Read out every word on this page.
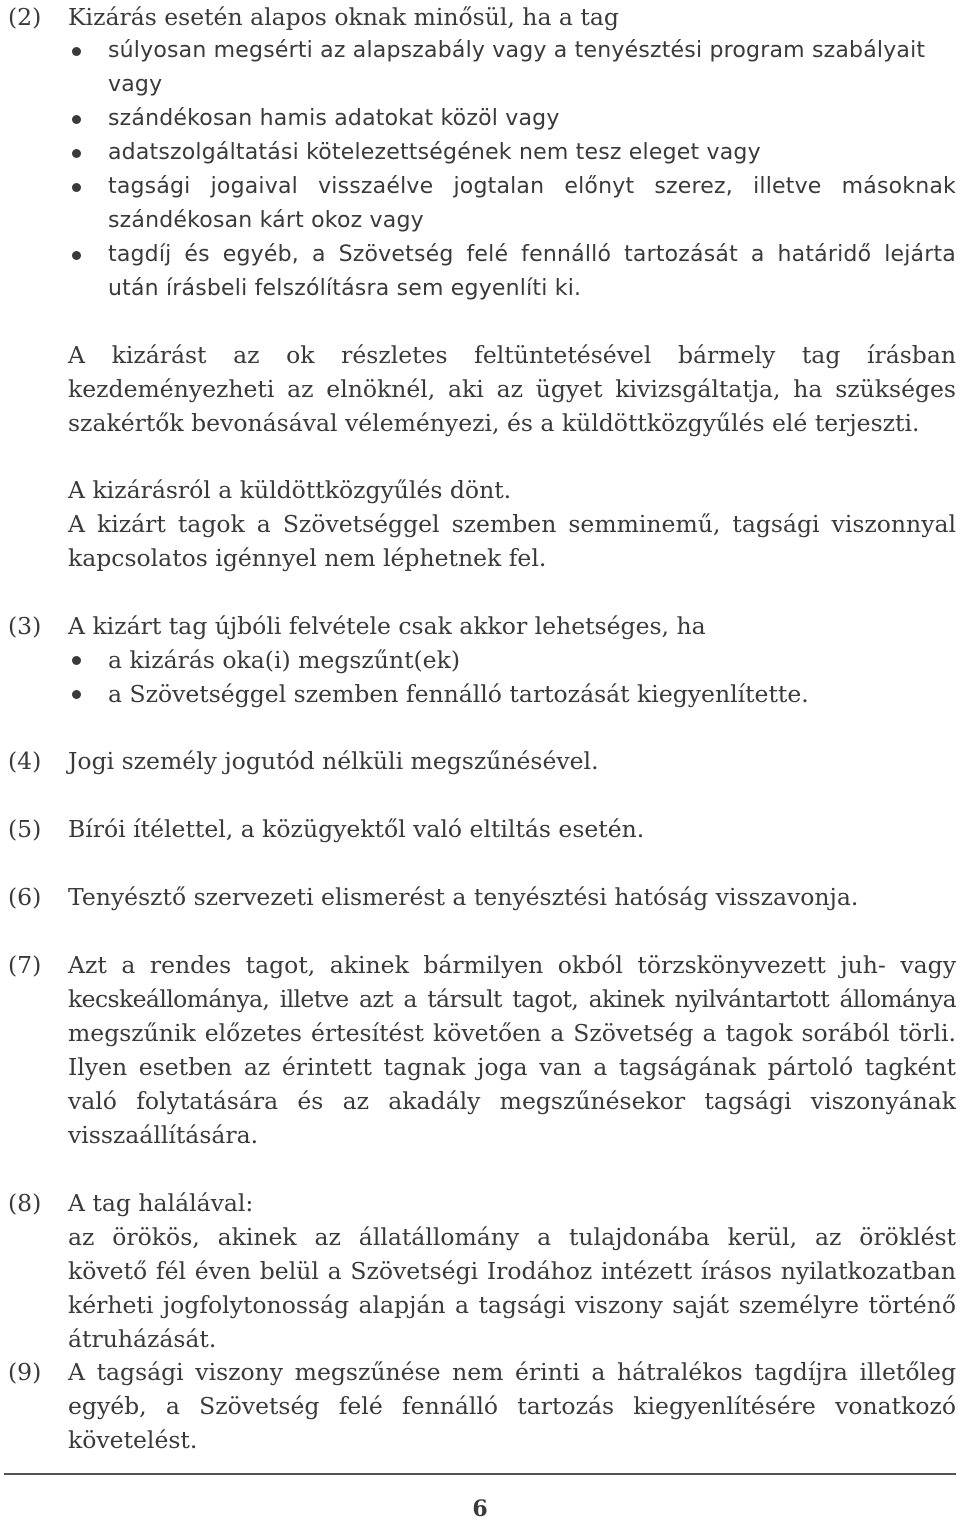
(2) Kizárás esetén alapos oknak minősül, ha a tag
súlyosan megsérti az alapszabály vagy a tenyésztési program szabályait
vagy
szándékosan hamis adatokat közöl vagy
adatszolgáltatási kötelezettségének nem tesz eleget vagy
tagsági jogaival visszaélve jogtalan előnyt szerez, illetve másoknak
szándékosan kárt okoz vagy
tagdíj és egyéb, a Szövetség felé fennálló tartozását a határidő lejárta
után írásbeli felszólításra sem egyenlíti ki.
A kizárást az ok részletes feltüntetésével bármely tag írásban
kezdeményezheti az elnöknél, aki az ügyet kivizsgáltatja, ha szükséges
szakértők bevonásával véleményezi, és a küldöttközgyűlés elé terjeszti.
A kizárásról a küldöttközgyűlés dönt.
A kizárt tagok a Szövetséggel szemben semminemű, tagsági viszonnyal
kapcsolatos igénnyel nem léphetnek fel.
(3) A kizárt tag újbóli felvétele csak akkor lehetséges, ha
a kizárás oka(i) megszűnt(ek)
a Szövetséggel szemben fennálló tartozását kiegyenlítette.
(4) Jogi személy jogutód nélküli megszűnésével.
(5) Bírói ítélettel, a közügyektől való eltiltás esetén.
(6) Tenyésztő szervezeti elismerést a tenyésztési hatóság visszavonja.
(7) Azt a rendes tagot, akinek bármilyen okból törzskönyvezett juh- vagy
kecskeállománya, illetve azt a társult tagot, akinek nyilvántartott állománya
megszűnik előzetes értesítést követően a Szövetség a tagok sorából törli.
Ilyen esetben az érintett tagnak joga van a tagságának pártoló tagként
való folytatására és az akadály megszűnésekor tagsági viszonyának
visszaállítására.
(8) A tag halálával:
az örökös, akinek az állatállomány a tulajdonába kerül, az öröklést
követő fél éven belül a Szövetségi Irodához intézett írásos nyilatkozatban
kérheti jogfolytonosság alapján a tagsági viszony saját személyre történő
átruházását.
(9) A tagsági viszony megszűnése nem érinti a hátralékos tagdíjra illetőleg
egyéb, a Szövetség felé fennálló tartozás kiegyenlítésére vonatkozó
követelést.
6
